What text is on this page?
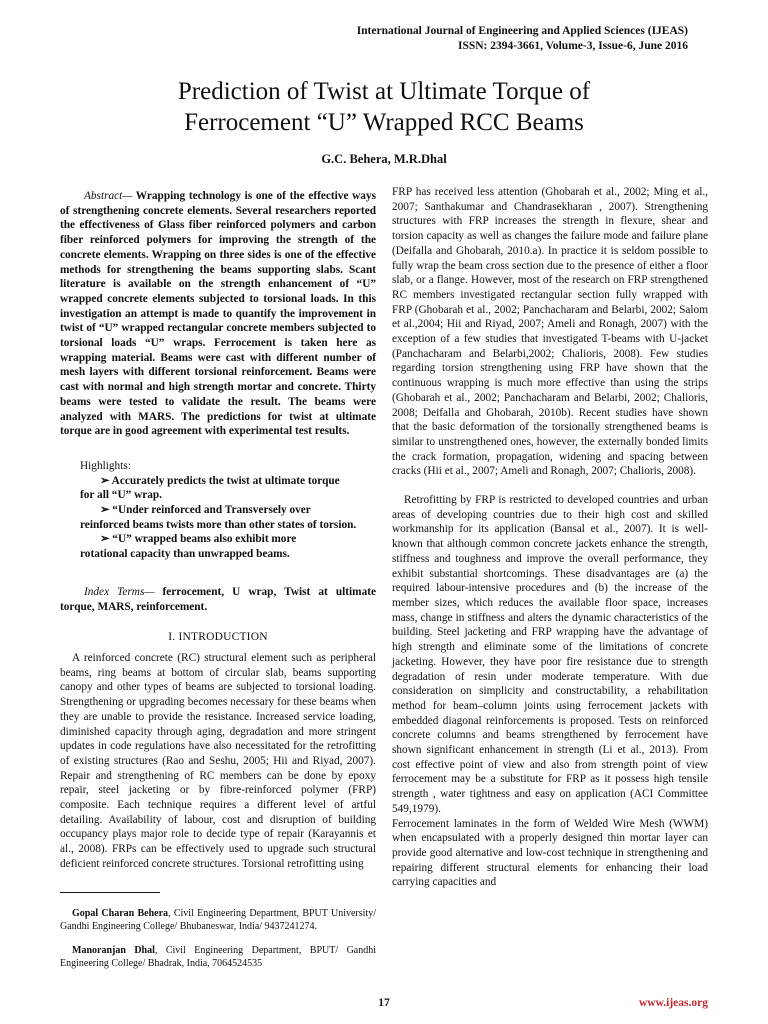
International Journal of Engineering and Applied Sciences (IJEAS)
ISSN: 2394-3661, Volume-3, Issue-6, June 2016
Prediction of Twist at Ultimate Torque of
Ferrocement “U” Wrapped RCC Beams
G.C. Behera, M.R.Dhal

Abstract— Wrapping technology is one of the effective ways of strengthening concrete elements. Several researchers reported the effectiveness of Glass fiber reinforced polymers and carbon fiber reinforced polymers for improving the strength of the concrete elements. Wrapping on three sides is one of the effective methods for strengthening the beams supporting slabs. Scant literature is available on the strength enhancement of “U” wrapped concrete elements subjected to torsional loads. In this investigation an attempt is made to quantify the improvement in twist of “U” wrapped rectangular concrete members subjected to torsional loads “U” wraps. Ferrocement is taken here as wrapping material. Beams were cast with different number of mesh layers with different torsional reinforcement. Beams were cast with normal and high strength mortar and concrete. Thirty beams were tested to validate the result. The beams were analyzed with MARS. The predictions for twist at ultimate torque are in good agreement with experimental test results.

Highlights:

➢ Accurately predicts the twist at ultimate torque
for all “U” wrap.
➢ “Under reinforced and Transversely over
reinforced beams twists more than other states of torsion.
➢ “U” wrapped beams also exhibit more
rotational capacity than unwrapped beams.

Index Terms— ferrocement, U wrap, Twist at ultimate torque, MARS, reinforcement.

I. INTRODUCTION

A reinforced concrete (RC) structural element such as peripheral beams, ring beams at bottom of circular slab, beams supporting canopy and other types of beams are subjected to torsional loading. Strengthening or upgrading becomes necessary for these beams when they are unable to provide the resistance. Increased service loading, diminished capacity through aging, degradation and more stringent updates in code regulations have also necessitated for the retrofitting of existing structures (Rao and Seshu, 2005; Hii and Riyad, 2007). Repair and strengthening of RC members can be done by epoxy repair, steel jacketing or by fibre-reinforced polymer (FRP) composite. Each technique requires a different level of artful detailing. Availability of labour, cost and disruption of building occupancy plays major role to decide type of repair (Karayannis et al., 2008). FRPs can be effectively used to upgrade such structural deficient reinforced concrete structures. Torsional retrofitting using

Gopal Charan Behera, Civil Engineering Department, BPUT University/ Gandhi Engineering College/ Bhubaneswar, India/ 9437241274.

Manoranjan Dhal, Civil Engineering Department, BPUT/ Gandhi Engineering College/ Bhadrak, India, 7064524535

FRP has received less attention (Ghobarah et al., 2002; Ming et al., 2007; Santhakumar and Chandrasekharan , 2007). Strengthening structures with FRP increases the strength in flexure, shear and torsion capacity as well as changes the failure mode and failure plane (Deifalla and Ghobarah, 2010.a). In practice it is seldom possible to fully wrap the beam cross section due to the presence of either a floor slab, or a flange. However, most of the research on FRP strengthened RC members investigated rectangular section fully wrapped with FRP (Ghobarah et al., 2002; Panchacharam and Belarbi, 2002; Salom et al.,2004; Hii and Riyad, 2007; Ameli and Ronagh, 2007) with the exception of a few studies that investigated T-beams with U-jacket (Panchacharam and Belarbi,2002; Chalioris, 2008). Few studies regarding torsion strengthening using FRP have shown that the continuous wrapping is much more effective than using the strips (Ghobarah et al., 2002; Panchacharam and Belarbi, 2002; Chalioris, 2008; Deifalla and Ghobarah, 2010b). Recent studies have shown that the basic deformation of the torsionally strengthened beams is similar to unstrengthened ones, however, the externally bonded limits the crack formation, propagation, widening and spacing between cracks (Hii et al., 2007; Ameli and Ronagh, 2007; Chalioris, 2008).

Retrofitting by FRP is restricted to developed countries and urban areas of developing countries due to their high cost and skilled workmanship for its application (Bansal et al., 2007). It is well-known that although common concrete jackets enhance the strength, stiffness and toughness and improve the overall performance, they exhibit substantial shortcomings. These disadvantages are (a) the required labour-intensive procedures and (b) the increase of the member sizes, which reduces the available floor space, increases mass, change in stiffness and alters the dynamic characteristics of the building. Steel jacketing and FRP wrapping have the advantage of high strength and eliminate some of the limitations of concrete jacketing. However, they have poor fire resistance due to strength degradation of resin under moderate temperature. With due consideration on simplicity and constructability, a rehabilitation method for beam–column joints using ferrocement jackets with embedded diagonal reinforcements is proposed. Tests on reinforced concrete columns and beams strengthened by ferrocement have shown significant enhancement in strength (Li et al., 2013). From cost effective point of view and also from strength point of view ferrocement may be a substitute for FRP as it possess high tensile strength , water tightness and easy on application (ACI Committee 549,1979).

Ferrocement laminates in the form of Welded Wire Mesh (WWM) when encapsulated with a properly designed thin mortar layer can provide good alternative and low-cost technique in strengthening and repairing different structural elements for enhancing their load carrying capacities and

17	www.ijeas.org
